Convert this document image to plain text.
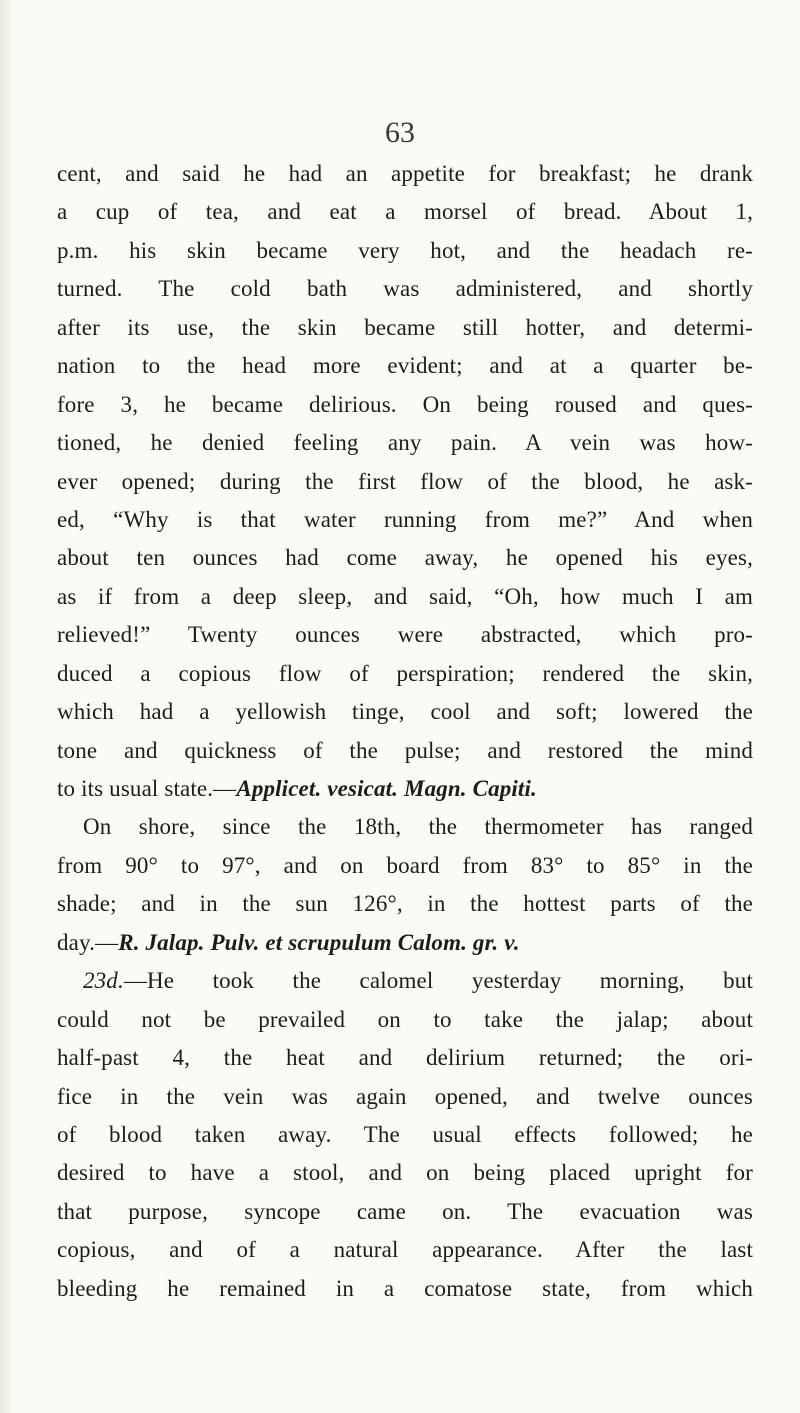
63
cent, and said he had an appetite for breakfast; he drank
a cup of tea, and eat a morsel of bread. About 1,
p.m. his skin became very hot, and the headach re-
turned. The cold bath was administered, and shortly
after its use, the skin became still hotter, and determi-
nation to the head more evident; and at a quarter be-
fore 3, he became delirious. On being roused and ques-
tioned, he denied feeling any pain. A vein was how-
ever opened; during the first flow of the blood, he ask-
ed, “Why is that water running from me?” And when
about ten ounces had come away, he opened his eyes,
as if from a deep sleep, and said, “Oh, how much I am
relieved!” Twenty ounces were abstracted, which pro-
duced a copious flow of perspiration; rendered the skin,
which had a yellowish tinge, cool and soft; lowered the
tone and quickness of the pulse; and restored the mind
to its usual state.—Applicet. vesicat. Magn. Capiti.
On shore, since the 18th, the thermometer has ranged
from 90° to 97°, and on board from 83° to 85° in the
shade; and in the sun 126°, in the hottest parts of the
day.—R. Jalap. Pulv. et scrupulum Calom. gr. v.
23d.—He took the calomel yesterday morning, but
could not be prevailed on to take the jalap; about
half-past 4, the heat and delirium returned; the ori-
fice in the vein was again opened, and twelve ounces
of blood taken away. The usual effects followed; he
desired to have a stool, and on being placed upright for
that purpose, syncope came on. The evacuation was
copious, and of a natural appearance. After the last
bleeding he remained in a comatose state, from which
